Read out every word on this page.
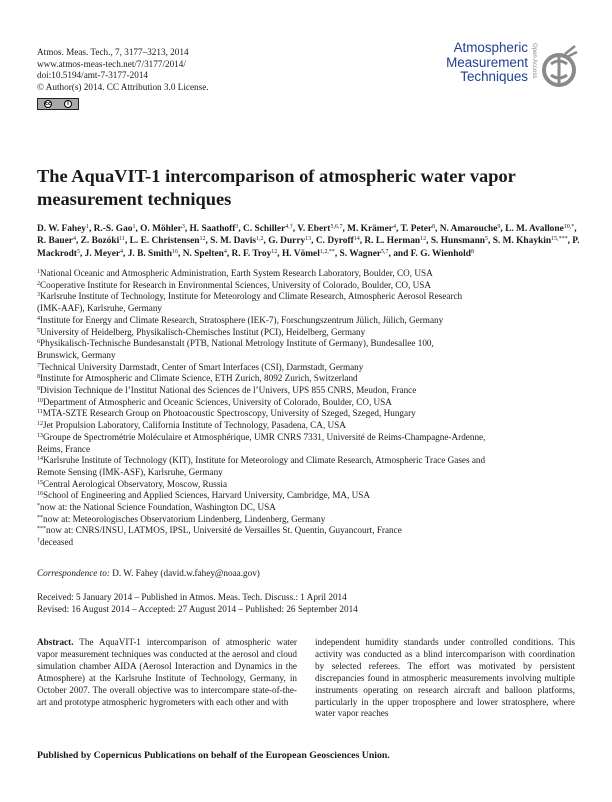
Atmos. Meas. Tech., 7, 3177–3213, 2014
www.atmos-meas-tech.net/7/3177/2014/
doi:10.5194/amt-7-3177-2014
© Author(s) 2014. CC Attribution 3.0 License.
cc	i
Atmospheric
Measurement
Techniques Open Access
The AquaVIT-1 intercomparison of atmospheric water vapor measurement techniques
D. W. Fahey$^1$, R.-S. Gao$^1$, O. Möhler$^3$, H. Saathoff$^3$, C. Schiller$^{4,\dagger}$, V. Ebert$^{5,6,7}$, M. Krämer$^4$, T. Peter$^8$, N. Amarouche$^9$, L. M. Avallone$^{10,*}$, R. Bauer$^4$, Z. Bozóki$^{11}$, L. E. Christensen$^{12}$, S. M. Davis$^{1,2}$, G. Durry$^{13}$, C. Dyroff$^{14}$, R. L. Herman$^{12}$, S. Hunsmann$^5$, S. M. Khaykin$^{15,***}$, P. Mackrodt$^5$, J. Meyer$^4$, J. B. Smith$^{16}$, N. Spelten$^4$, R. F. Troy$^{12}$, H. Vömel$^{1,2,**}$, S. Wagner$^{5,7}$, and F. G. Wienhold$^8$
$^1$National Oceanic and Atmospheric Administration, Earth System Research Laboratory, Boulder, CO, USA
$^2$Cooperative Institute for Research in Environmental Sciences, University of Colorado, Boulder, CO, USA
$^3$Karlsruhe Institute of Technology, Institute for Meteorology and Climate Research, Atmospheric Aerosol Research
(IMK-AAF), Karlsruhe, Germany
$^4$Institute for Energy and Climate Research, Stratosphere (IEK-7), Forschungszentrum Jülich, Jülich, Germany
$^5$University of Heidelberg, Physikalisch-Chemisches Institut (PCI), Heidelberg, Germany
$^6$Physikalisch-Technische Bundesanstalt (PTB, National Metrology Institute of Germany), Bundesallee 100,
Brunswick, Germany
$^7$Technical University Darmstadt, Center of Smart Interfaces (CSI), Darmstadt, Germany
$^8$Institute for Atmospheric and Climate Science, ETH Zurich, 8092 Zurich, Switzerland
$^9$Division Technique de l’Institut National des Sciences de l’Univers, UPS 855 CNRS, Meudon, France
$^{10}$Department of Atmospheric and Oceanic Sciences, University of Colorado, Boulder, CO, USA
$^{11}$MTA-SZTE Research Group on Photoacoustic Spectroscopy, University of Szeged, Szeged, Hungary
$^{12}$Jet Propulsion Laboratory, California Institute of Technology, Pasadena, CA, USA
$^{13}$Groupe de Spectrométrie Moléculaire et Atmosphérique, UMR CNRS 7331, Université de Reims-Champagne-Ardenne,
Reims, France
$^{14}$Karlsruhe Institute of Technology (KIT), Institute for Meteorology and Climate Research, Atmospheric Trace Gases and
Remote Sensing (IMK-ASF), Karlsruhe, Germany
$^{15}$Central Aerological Observatory, Moscow, Russia
$^{16}$School of Engineering and Applied Sciences, Harvard University, Cambridge, MA, USA
*now at: the National Science Foundation, Washington DC, USA
**now at: Meteorologisches Observatorium Lindenberg, Lindenberg, Germany
***now at: CNRS/INSU, LATMOS, IPSL, Université de Versailles St. Quentin, Guyancourt, France
†deceased
Correspondence to: D. W. Fahey (david.w.fahey@noaa.gov)
Received: 5 January 2014 – Published in Atmos. Meas. Tech. Discuss.: 1 April 2014
Revised: 16 August 2014 – Accepted: 27 August 2014 – Published: 26 September 2014
Abstract. The AquaVIT-1 intercomparison of atmospheric water vapor measurement techniques was conducted at the aerosol and cloud simulation chamber AIDA (Aerosol Interaction and Dynamics in the Atmosphere) at the Karlsruhe Institute of Technology, Germany, in October 2007. The overall objective was to intercompare state-of-the-art and prototype atmospheric hygrometers with each other and with
independent humidity standards under controlled conditions. This activity was conducted as a blind intercomparison with coordination by selected referees. The effort was motivated by persistent discrepancies found in atmospheric measurements involving multiple instruments operating on research aircraft and balloon platforms, particularly in the upper troposphere and lower stratosphere, where water vapor reaches
Published by Copernicus Publications on behalf of the European Geosciences Union.
